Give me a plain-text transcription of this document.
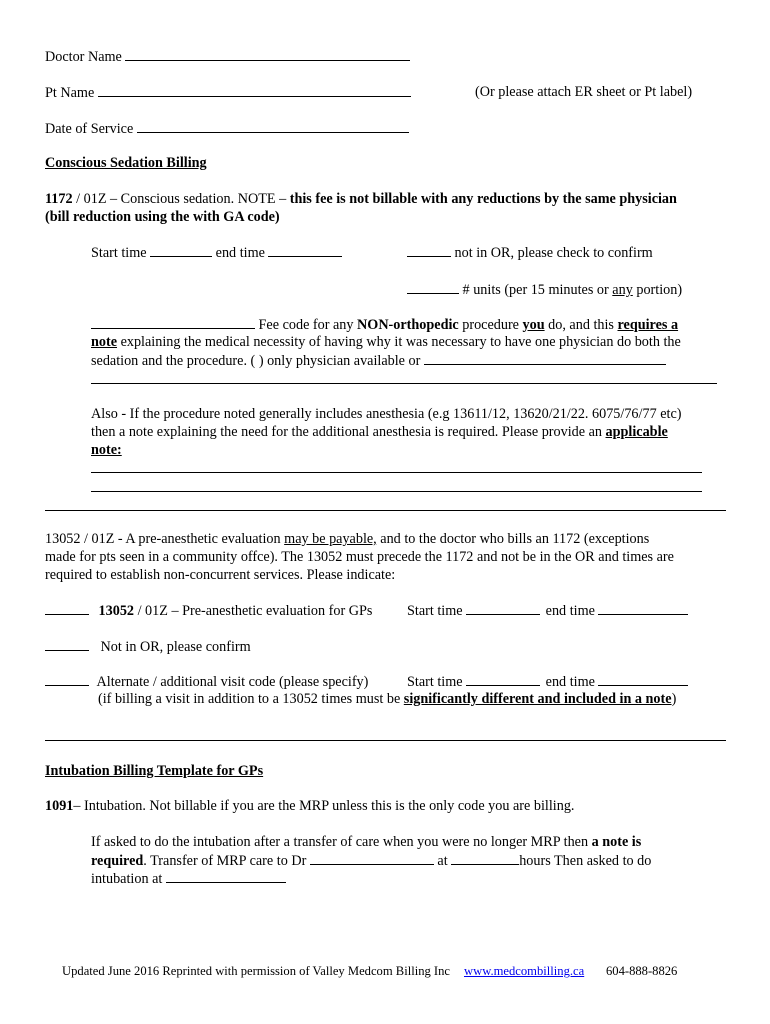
Doctor Name
Pt Name	(Or please attach ER sheet or Pt label)
Date of Service
Conscious Sedation Billing
1172 / 01Z – Conscious sedation. NOTE – this fee is not billable with any reductions by the same physician
(bill reduction using the with GA code)
Start time	end time	not in OR, please check to confirm
# units (per 15 minutes or any portion)
Fee code for any NON-orthopedic procedure you do, and this requires a
note explaining the medical necessity of having why it was necessary to have one physician do both the
sedation and the procedure. ( ) only physician available or
Also - If the procedure noted generally includes anesthesia (e.g 13611/12, 13620/21/22. 6075/76/77 etc)
then a note explaining the need for the additional anesthesia is required. Please provide an applicable
note:
13052 / 01Z - A pre-anesthetic evaluation may be payable, and to the doctor who bills an 1172 (exceptions
made for pts seen in a community offce). The 13052 must precede the 1172 and not be in the OR and times are
required to establish non-concurrent services. Please indicate:
13052 / 01Z – Pre-anesthetic evaluation for GPs Start time	end time
Not in OR, please confirm
Alternate / additional visit code (please specify)	Start time	end time
(if billing a visit in addition to a 13052 times must be significantly different and included in a note)
Intubation Billing Template for GPs
1091– Intubation. Not billable if you are the MRP unless this is the only code you are billing.
If asked to do the intubation after a transfer of care when you were no longer MRP then a note is
required. Transfer of MRP care to Dr	at	hours Then asked to do
intubation at
Updated June 2016 Reprinted with permission of Valley Medcom Billing Inc www.medcombilling.ca 604-888-8826
